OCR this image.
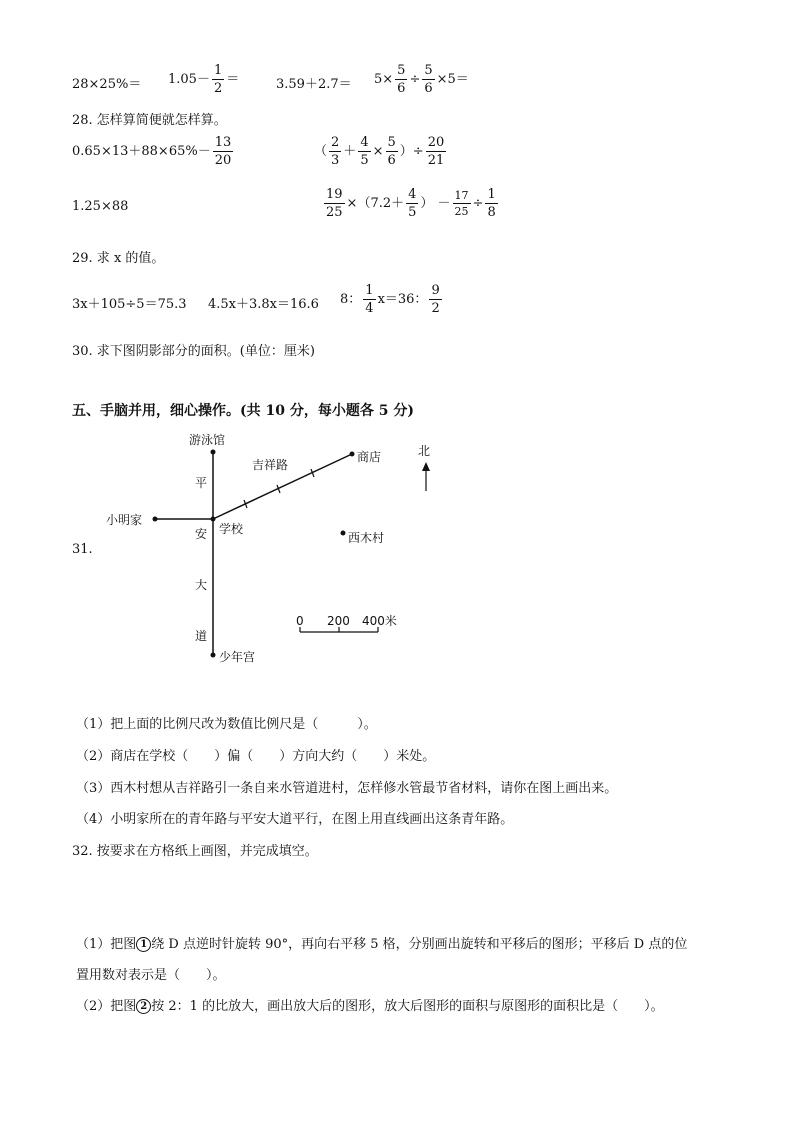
$28\times 25\%= 1.05- \frac{1}{2}$ ＝	$3.59+2.7= 5\times \frac{5}{6} \div \frac{5}{6} \times 5=$
28. 怎样算简便就怎样算。
$0.65\times 13+88\times 65\%- \frac{13}{20}$	（ $\frac{2}{3} + \frac{4}{5} \times \frac{5}{6}$ ）÷ $\frac{20}{21}$
1.25×88	$\frac{19}{25} \times(7.2+ \frac{4}{5}$ ） － $\frac{17}{25} \div \frac{1}{8}$
29. 求 x 的值。
3x＋105÷5＝75.3 4.5x＋3.8x＝16.6 8： $\frac{1}{4} x=36$： $\frac{9}{2}$
30. 求下图阴影部分的面积。(单位：厘米)
五、手脑并用，细心操作。(共 10 分，每小题各 5 分)
31.
游泳馆
吉祥路
商店	北
小明家
学校
西木村
少年宫
平
安
大
道
0 200 400米
（1）把上面的比例尺改为数值比例尺是（　　　）。
（2）商店在学校（　　）偏（　　）方向大约（　　）米处。
（3）西木村想从吉祥路引一条自来水管道进村，怎样修水管最节省材料，请你在图上画出来。
（4）小明家所在的青年路与平安大道平行，在图上用直线画出这条青年路。
32. 按要求在方格纸上画图，并完成填空。
（1）把图 1 绕 D 点逆时针旋转 90°，再向右平移 5 格，分别画出旋转和平移后的图形；平移后 D 点的位
置用数对表示是（　　）。
（2）把图 2 按 2：1 的比放大，画出放大后的图形，放大后图形的面积与原图形的面积比是（　　）。
